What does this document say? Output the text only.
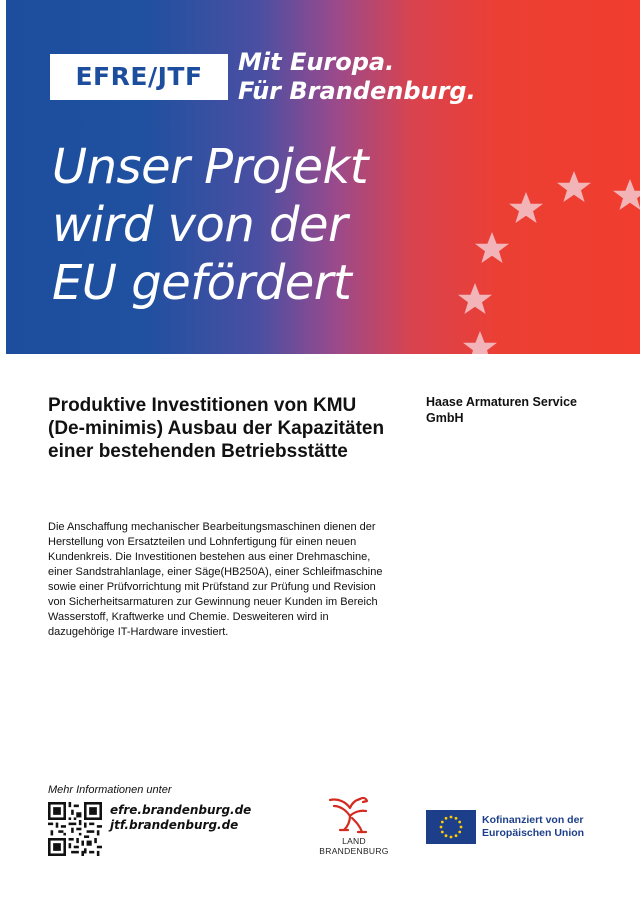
EFRE/JTF	Mit Europa.
Für Brandenburg.
Unser Projekt
wird von der
EU gefördert
Produktive Investitionen von KMU (De-minimis) Ausbau der Kapazitäten einer bestehenden Betriebsstätte
Haase Armaturen Service GmbH
Die Anschaffung mechanischer Bearbeitungsmaschinen dienen der Herstellung von Ersatzteilen und Lohnfertigung für einen neuen Kundenkreis. Die Investitionen bestehen aus einer Drehmaschine, einer Sandstrahlanlage, einer Säge(HB250A), einer Schleifmaschine sowie einer Prüfvorrichtung mit Prüfstand zur Prüfung und Revision von Sicherheitsarmaturen zur Gewinnung neuer Kunden im Bereich Wasserstoff, Kraftwerke und Chemie. Desweiteren wird in dazugehörige IT-Hardware investiert.
Mehr Informationen unter
efre.brandenburg.de
jtf.brandenburg.de
LAND
BRANDENBURG
Kofinanziert von der
Europäischen Union
